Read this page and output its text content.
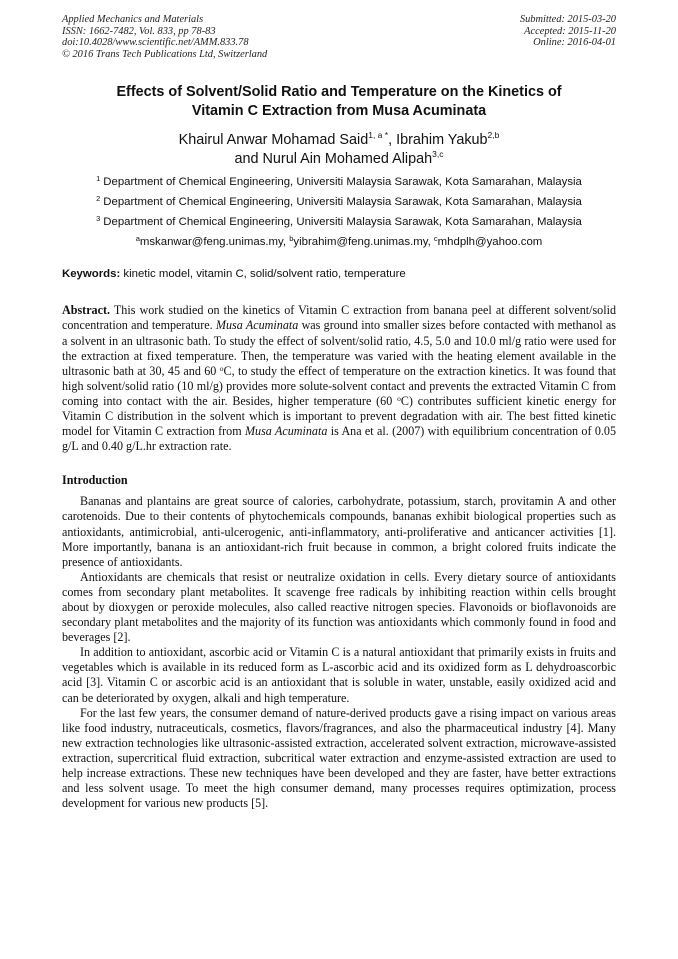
Applied Mechanics and Materials
ISSN: 1662-7482, Vol. 833, pp 78-83
doi:10.4028/www.scientific.net/AMM.833.78
© 2016 Trans Tech Publications Ltd, Switzerland
Submitted: 2015-03-20
Accepted: 2015-11-20
Online: 2016-04-01
Effects of Solvent/Solid Ratio and Temperature on the Kinetics of
Vitamin C Extraction from Musa Acuminata
Khairul Anwar Mohamad Said$^{1, a *}$, Ibrahim Yakub$^{2,b}$
and Nurul Ain Mohamed Alipah$^{3,c}$
$^1$ Department of Chemical Engineering, Universiti Malaysia Sarawak, Kota Samarahan, Malaysia
$^2$ Department of Chemical Engineering, Universiti Malaysia Sarawak, Kota Samarahan, Malaysia
$^3$ Department of Chemical Engineering, Universiti Malaysia Sarawak, Kota Samarahan, Malaysia
$^a$mskanwar@feng.unimas.my, $^b$yibrahim@feng.unimas.my, $^c$mhdplh@yahoo.com
Keywords: kinetic model, vitamin C, solid/solvent ratio, temperature
Abstract. This work studied on the kinetics of Vitamin C extraction from banana peel at different solvent/solid concentration and temperature. Musa Acuminata was ground into smaller sizes before contacted with methanol as a solvent in an ultrasonic bath. To study the effect of solvent/solid ratio, 4.5, 5.0 and 10.0 ml/g ratio were used for the extraction at fixed temperature. Then, the temperature was varied with the heating element available in the ultrasonic bath at 30, 45 and 60 $^o$C, to study the effect of temperature on the extraction kinetics. It was found that high solvent/solid ratio (10 ml/g) provides more solute-solvent contact and prevents the extracted Vitamin C from coming into contact with the air. Besides, higher temperature (60 $^o$C) contributes sufficient kinetic energy for Vitamin C distribution in the solvent which is important to prevent degradation with air. The best fitted kinetic model for Vitamin C extraction from Musa Acuminata is Ana et al. (2007) with equilibrium concentration of 0.05 g/L and 0.40 g/L.hr extraction rate.
Introduction

Bananas and plantains are great source of calories, carbohydrate, potassium, starch, provitamin A and other carotenoids. Due to their contents of phytochemicals compounds, bananas exhibit biological properties such as antioxidants, antimicrobial, anti-ulcerogenic, anti-inflammatory, anti-proliferative and anticancer activities [1]. More importantly, banana is an antioxidant-rich fruit because in common, a bright colored fruits indicate the presence of antioxidants.

Antioxidants are chemicals that resist or neutralize oxidation in cells. Every dietary source of antioxidants comes from secondary plant metabolites. It scavenge free radicals by inhibiting reaction within cells brought about by dioxygen or peroxide molecules, also called reactive nitrogen species. Flavonoids or bioflavonoids are secondary plant metabolites and the majority of its function was antioxidants which commonly found in food and beverages [2].

In addition to antioxidant, ascorbic acid or Vitamin C is a natural antioxidant that primarily exists in fruits and vegetables which is available in its reduced form as L-ascorbic acid and its oxidized form as L dehydroascorbic acid [3]. Vitamin C or ascorbic acid is an antioxidant that is soluble in water, unstable, easily oxidized acid and can be deteriorated by oxygen, alkali and high temperature.

For the last few years, the consumer demand of nature-derived products gave a rising impact on various areas like food industry, nutraceuticals, cosmetics, flavors/fragrances, and also the pharmaceutical industry [4]. Many new extraction technologies like ultrasonic-assisted extraction, accelerated solvent extraction, microwave-assisted extraction, supercritical fluid extraction, subcritical water extraction and enzyme-assisted extraction are used to help increase extractions. These new techniques have been developed and they are faster, have better extractions and less solvent usage. To meet the high consumer demand, many processes requires optimization, process development for various new products [5].
